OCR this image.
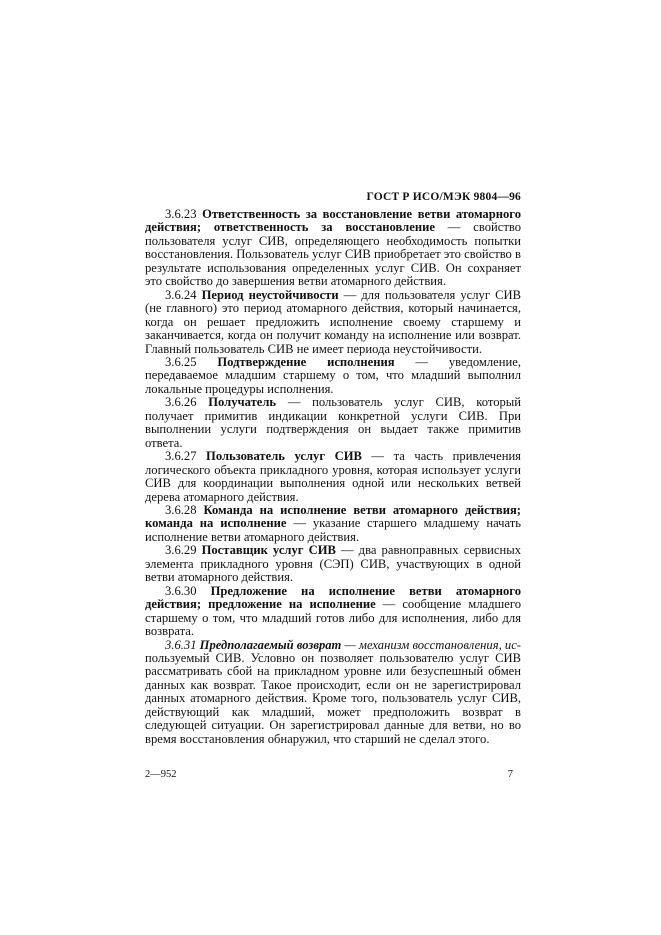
ГОСТ Р ИСО/МЭК 9804—96

3.6.23 Ответственность за восстановление ветви атомарного действия; ответственность за восстановление — свойство пользователя услуг СИВ, определяющего необходимость попытки восстановления. Пользователь услуг СИВ приобретает это свойство в результате использования определенных услуг СИВ. Он сохраняет это свойство до завершения ветви атомарного действия.

3.6.24 Период неустойчивости — для пользователя услуг СИВ (не главного) это период атомарного действия, который начинается, когда он решает предложить исполнение своему старшему и заканчивается, когда он получит команду на исполнение или возврат. Главный пользователь СИВ не имеет периода неустойчивости.

3.6.25 Подтверждение исполнения — уведомление, передаваемое младшим старшему о том, что младший выполнил локальные процедуры исполнения.

3.6.26 Получатель — пользователь услуг СИВ, который получает примитив индикации конкретной услуги СИВ. При выполнении услуги подтверждения он выдает также примитив ответа.

3.6.27 Пользователь услуг СИВ — та часть привлечения логического объекта прикладного уровня, которая использует услуги СИВ для координации выполнения одной или нескольких ветвей дерева атомарного действия.

3.6.28 Команда на исполнение ветви атомарного действия; команда на исполнение — указание старшего младшему начать исполнение ветви атомарного действия.

3.6.29 Поставщик услуг СИВ — два равноправных сервисных элемента прикладного уровня (СЭП) СИВ, участвующих в одной ветви атомарного действия.

3.6.30 Предложение на исполнение ветви атомарного действия; предложение на исполнение — сообщение младшего старшему о том, что младший готов либо для исполнения, либо для возврата.

3.6.31 Предполагаемый возврат — механизм восстановления, используемый СИВ. Условно он позволяет пользователю услуг СИВ рассматривать сбой на прикладном уровне или безуспешный обмен данных как возврат. Такое происходит, если он не зарегистрировал данных атомарного действия. Кроме того, пользователь услуг СИВ, действующий как младший, может предположить возврат в следующей ситуации. Он зарегистрировал данные для ветви, но во время восстановления обнаружил, что старший не сделал этого.

2—952	7
